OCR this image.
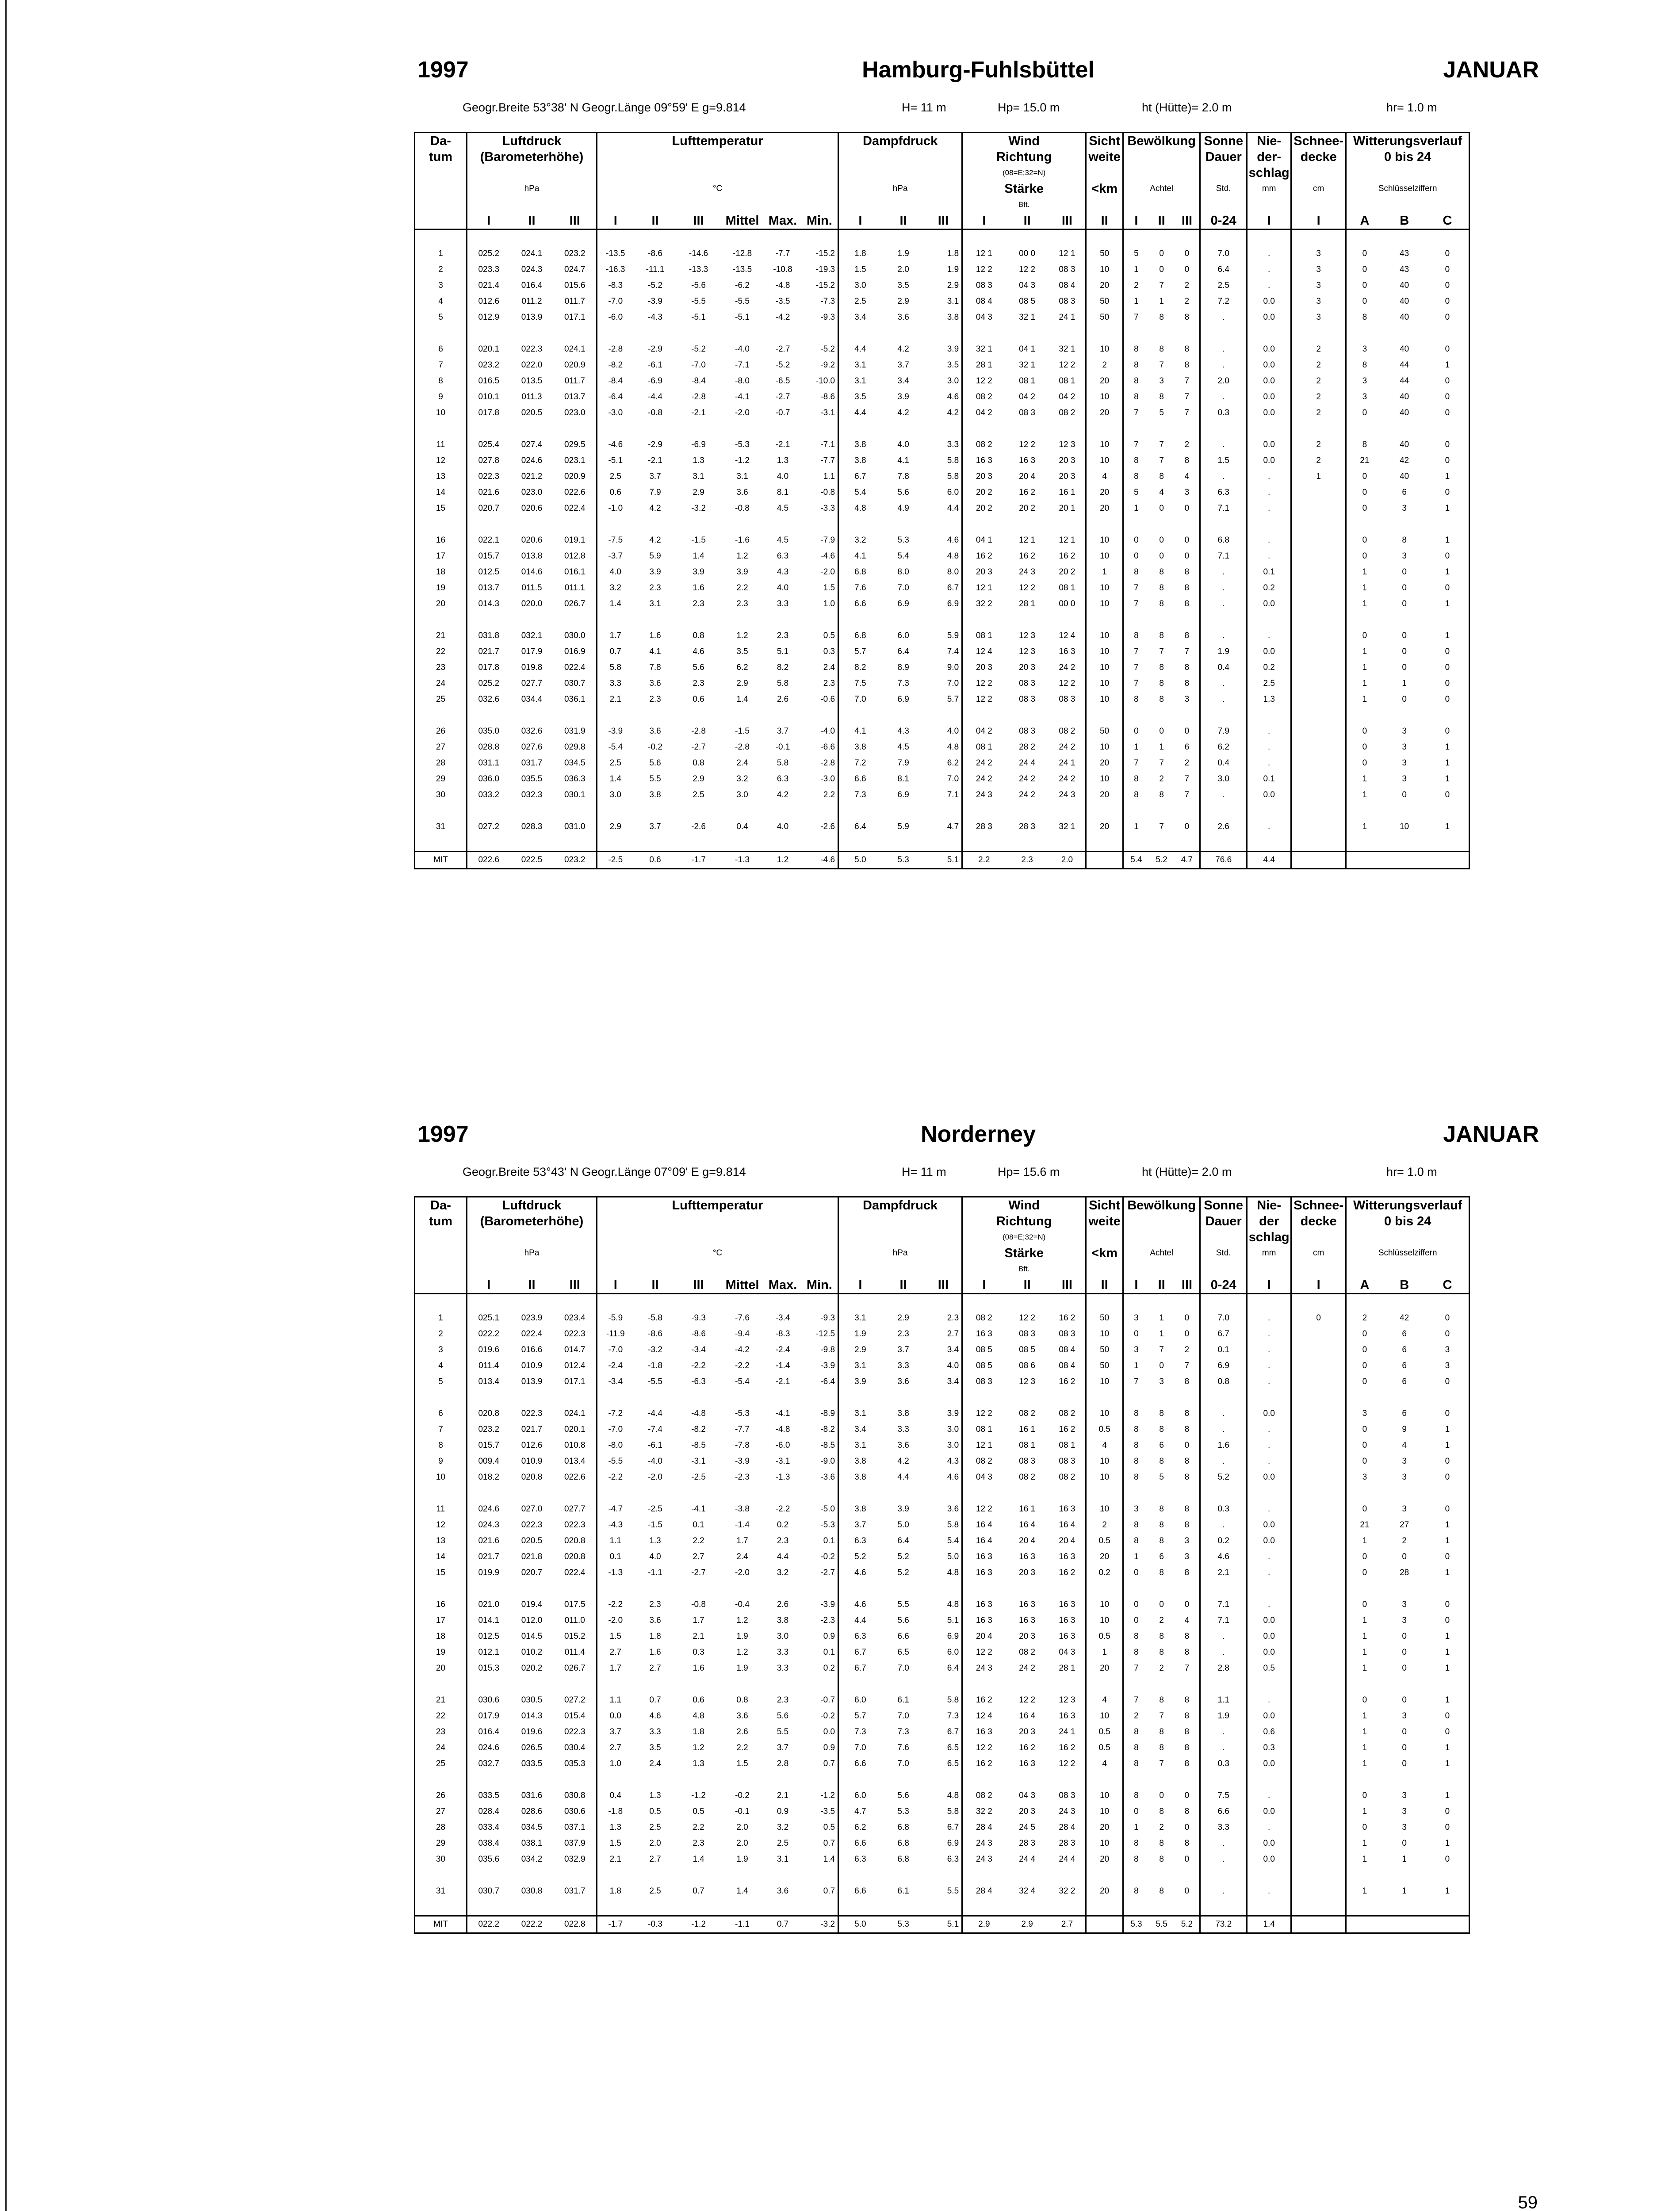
1997	Hamburg-Fuhlsbüttel	JANUAR
Geogr.Breite 53°38' N Geogr.Länge 09°59' E g=9.814	H= 11 m	Hp= 15.0 m	ht (Hütte)= 2.0 m	hr= 1.0 m
Da-	Luftdruck			Lufttemperatur						Dampfdruck			Wind			Sicht	Bewölkung			Sonne	Nie-	Schnee-	Witterungsverlauf		
tum	(Barometerhöhe)												Richtung			weite				Dauer	der-	decke	0 bis 24		
													(08=E;32=N)								schlag				
	hPa			°C						hPa			Stärke			<km	Achtel			Std.	mm	cm	Schlüsselziffern		
													Bft.												
	I	II	III	I	II	III	Mittel	Max.	Min.	I	II	III	I	II	III	II	I	II	III	0-24	I	I	A	B	C

1	025.2	024.1	023.2	-13.5	-8.6	-14.6	-12.8	-7.7	-15.2	1.8	1.9	1.8	12 1	00 0	12 1	50	5	0	0	7.0	.	3	0	43	0
2	023.3	024.3	024.7	-16.3	-11.1	-13.3	-13.5	-10.8	-19.3	1.5	2.0	1.9	12 2	12 2	08 3	10	1	0	0	6.4	.	3	0	43	0
3	021.4	016.4	015.6	-8.3	-5.2	-5.6	-6.2	-4.8	-15.2	3.0	3.5	2.9	08 3	04 3	08 4	20	2	7	2	2.5	.	3	0	40	0
4	012.6	011.2	011.7	-7.0	-3.9	-5.5	-5.5	-3.5	-7.3	2.5	2.9	3.1	08 4	08 5	08 3	50	1	1	2	7.2	0.0	3	0	40	0
5	012.9	013.9	017.1	-6.0	-4.3	-5.1	-5.1	-4.2	-9.3	3.4	3.6	3.8	04 3	32 1	24 1	50	7	8	8	.	0.0	3	8	40	0

6	020.1	022.3	024.1	-2.8	-2.9	-5.2	-4.0	-2.7	-5.2	4.4	4.2	3.9	32 1	04 1	32 1	10	8	8	8	.	0.0	2	3	40	0
7	023.2	022.0	020.9	-8.2	-6.1	-7.0	-7.1	-5.2	-9.2	3.1	3.7	3.5	28 1	32 1	12 2	2	8	7	8	.	0.0	2	8	44	1
8	016.5	013.5	011.7	-8.4	-6.9	-8.4	-8.0	-6.5	-10.0	3.1	3.4	3.0	12 2	08 1	08 1	20	8	3	7	2.0	0.0	2	3	44	0
9	010.1	011.3	013.7	-6.4	-4.4	-2.8	-4.1	-2.7	-8.6	3.5	3.9	4.6	08 2	04 2	04 2	10	8	8	7	.	0.0	2	3	40	0
10	017.8	020.5	023.0	-3.0	-0.8	-2.1	-2.0	-0.7	-3.1	4.4	4.2	4.2	04 2	08 3	08 2	20	7	5	7	0.3	0.0	2	0	40	0

11	025.4	027.4	029.5	-4.6	-2.9	-6.9	-5.3	-2.1	-7.1	3.8	4.0	3.3	08 2	12 2	12 3	10	7	7	2	.	0.0	2	8	40	0
12	027.8	024.6	023.1	-5.1	-2.1	1.3	-1.2	1.3	-7.7	3.8	4.1	5.8	16 3	16 3	20 3	10	8	7	8	1.5	0.0	2	21	42	0
13	022.3	021.2	020.9	2.5	3.7	3.1	3.1	4.0	1.1	6.7	7.8	5.8	20 3	20 4	20 3	4	8	8	4	.	.	1	0	40	1
14	021.6	023.0	022.6	0.6	7.9	2.9	3.6	8.1	-0.8	5.4	5.6	6.0	20 2	16 2	16 1	20	5	4	3	6.3	.		0	6	0
15	020.7	020.6	022.4	-1.0	4.2	-3.2	-0.8	4.5	-3.3	4.8	4.9	4.4	20 2	20 2	20 1	20	1	0	0	7.1	.		0	3	1

16	022.1	020.6	019.1	-7.5	4.2	-1.5	-1.6	4.5	-7.9	3.2	5.3	4.6	04 1	12 1	12 1	10	0	0	0	6.8	.		0	8	1
17	015.7	013.8	012.8	-3.7	5.9	1.4	1.2	6.3	-4.6	4.1	5.4	4.8	16 2	16 2	16 2	10	0	0	0	7.1	.		0	3	0
18	012.5	014.6	016.1	4.0	3.9	3.9	3.9	4.3	-2.0	6.8	8.0	8.0	20 3	24 3	20 2	1	8	8	8	.	0.1		1	0	1
19	013.7	011.5	011.1	3.2	2.3	1.6	2.2	4.0	1.5	7.6	7.0	6.7	12 1	12 2	08 1	10	7	8	8	.	0.2		1	0	0
20	014.3	020.0	026.7	1.4	3.1	2.3	2.3	3.3	1.0	6.6	6.9	6.9	32 2	28 1	00 0	10	7	8	8	.	0.0		1	0	1

21	031.8	032.1	030.0	1.7	1.6	0.8	1.2	2.3	0.5	6.8	6.0	5.9	08 1	12 3	12 4	10	8	8	8	.	.		0	0	1
22	021.7	017.9	016.9	0.7	4.1	4.6	3.5	5.1	0.3	5.7	6.4	7.4	12 4	12 3	16 3	10	7	7	7	1.9	0.0		1	0	0
23	017.8	019.8	022.4	5.8	7.8	5.6	6.2	8.2	2.4	8.2	8.9	9.0	20 3	20 3	24 2	10	7	8	8	0.4	0.2		1	0	0
24	025.2	027.7	030.7	3.3	3.6	2.3	2.9	5.8	2.3	7.5	7.3	7.0	12 2	08 3	12 2	10	7	8	8	.	2.5		1	1	0
25	032.6	034.4	036.1	2.1	2.3	0.6	1.4	2.6	-0.6	7.0	6.9	5.7	12 2	08 3	08 3	10	8	8	3	.	1.3		1	0	0

26	035.0	032.6	031.9	-3.9	3.6	-2.8	-1.5	3.7	-4.0	4.1	4.3	4.0	04 2	08 3	08 2	50	0	0	0	7.9	.		0	3	0
27	028.8	027.6	029.8	-5.4	-0.2	-2.7	-2.8	-0.1	-6.6	3.8	4.5	4.8	08 1	28 2	24 2	10	1	1	6	6.2	.		0	3	1
28	031.1	031.7	034.5	2.5	5.6	0.8	2.4	5.8	-2.8	7.2	7.9	6.2	24 2	24 4	24 1	20	7	7	2	0.4	.		0	3	1
29	036.0	035.5	036.3	1.4	5.5	2.9	3.2	6.3	-3.0	6.6	8.1	7.0	24 2	24 2	24 2	10	8	2	7	3.0	0.1		1	3	1
30	033.2	032.3	030.1	3.0	3.8	2.5	3.0	4.2	2.2	7.3	6.9	7.1	24 3	24 2	24 3	20	8	8	7	.	0.0		1	0	0

31	027.2	028.3	031.0	2.9	3.7	-2.6	0.4	4.0	-2.6	6.4	5.9	4.7	28 3	28 3	32 1	20	1	7	0	2.6	.		1	10	1

MIT	022.6	022.5	023.2	-2.5	0.6	-1.7	-1.3	1.2	-4.6	5.0	5.3	5.1	2.2	2.3	2.0		5.4	5.2	4.7	76.6	4.4				
1997	Norderney	JANUAR
Geogr.Breite 53°43' N Geogr.Länge 07°09' E g=9.814	H= 11 m	Hp= 15.6 m	ht (Hütte)= 2.0 m	hr= 1.0 m
Da-	Luftdruck			Lufttemperatur						Dampfdruck			Wind			Sicht	Bewölkung			Sonne	Nie-	Schnee-	Witterungsverlauf		
tum	(Barometerhöhe)												Richtung			weite				Dauer	der	decke	0 bis 24		
													(08=E;32=N)								schlag				
	hPa			°C						hPa			Stärke			<km	Achtel			Std.	mm	cm	Schlüsselziffern		
													Bft.												
	I	II	III	I	II	III	Mittel	Max.	Min.	I	II	III	I	II	III	II	I	II	III	0-24	I	I	A	B	C

1	025.1	023.9	023.4	-5.9	-5.8	-9.3	-7.6	-3.4	-9.3	3.1	2.9	2.3	08 2	12 2	16 2	50	3	1	0	7.0	.	0	2	42	0
2	022.2	022.4	022.3	-11.9	-8.6	-8.6	-9.4	-8.3	-12.5	1.9	2.3	2.7	16 3	08 3	08 3	10	0	1	0	6.7	.		0	6	0
3	019.6	016.6	014.7	-7.0	-3.2	-3.4	-4.2	-2.4	-9.8	2.9	3.7	3.4	08 5	08 5	08 4	50	3	7	2	0.1	.		0	6	3
4	011.4	010.9	012.4	-2.4	-1.8	-2.2	-2.2	-1.4	-3.9	3.1	3.3	4.0	08 5	08 6	08 4	50	1	0	7	6.9	.		0	6	3
5	013.4	013.9	017.1	-3.4	-5.5	-6.3	-5.4	-2.1	-6.4	3.9	3.6	3.4	08 3	12 3	16 2	10	7	3	8	0.8	.		0	6	0

6	020.8	022.3	024.1	-7.2	-4.4	-4.8	-5.3	-4.1	-8.9	3.1	3.8	3.9	12 2	08 2	08 2	10	8	8	8	.	0.0		3	6	0
7	023.2	021.7	020.1	-7.0	-7.4	-8.2	-7.7	-4.8	-8.2	3.4	3.3	3.0	08 1	16 1	16 2	0.5	8	8	8	.	.		0	9	1
8	015.7	012.6	010.8	-8.0	-6.1	-8.5	-7.8	-6.0	-8.5	3.1	3.6	3.0	12 1	08 1	08 1	4	8	6	0	1.6	.		0	4	1
9	009.4	010.9	013.4	-5.5	-4.0	-3.1	-3.9	-3.1	-9.0	3.8	4.2	4.3	08 2	08 3	08 3	10	8	8	8	.	.		0	3	0
10	018.2	020.8	022.6	-2.2	-2.0	-2.5	-2.3	-1.3	-3.6	3.8	4.4	4.6	04 3	08 2	08 2	10	8	5	8	5.2	0.0		3	3	0

11	024.6	027.0	027.7	-4.7	-2.5	-4.1	-3.8	-2.2	-5.0	3.8	3.9	3.6	12 2	16 1	16 3	10	3	8	8	0.3	.		0	3	0
12	024.3	022.3	022.3	-4.3	-1.5	0.1	-1.4	0.2	-5.3	3.7	5.0	5.8	16 4	16 4	16 4	2	8	8	8	.	0.0		21	27	1
13	021.6	020.5	020.8	1.1	1.3	2.2	1.7	2.3	0.1	6.3	6.4	5.4	16 4	20 4	20 4	0.5	8	8	3	0.2	0.0		1	2	1
14	021.7	021.8	020.8	0.1	4.0	2.7	2.4	4.4	-0.2	5.2	5.2	5.0	16 3	16 3	16 3	20	1	6	3	4.6	.		0	0	0
15	019.9	020.7	022.4	-1.3	-1.1	-2.7	-2.0	3.2	-2.7	4.6	5.2	4.8	16 3	20 3	16 2	0.2	0	8	8	2.1	.		0	28	1

16	021.0	019.4	017.5	-2.2	2.3	-0.8	-0.4	2.6	-3.9	4.6	5.5	4.8	16 3	16 3	16 3	10	0	0	0	7.1	.		0	3	0
17	014.1	012.0	011.0	-2.0	3.6	1.7	1.2	3.8	-2.3	4.4	5.6	5.1	16 3	16 3	16 3	10	0	2	4	7.1	0.0		1	3	0
18	012.5	014.5	015.2	1.5	1.8	2.1	1.9	3.0	0.9	6.3	6.6	6.9	20 4	20 3	16 3	0.5	8	8	8	.	0.0		1	0	1
19	012.1	010.2	011.4	2.7	1.6	0.3	1.2	3.3	0.1	6.7	6.5	6.0	12 2	08 2	04 3	1	8	8	8	.	0.0		1	0	1
20	015.3	020.2	026.7	1.7	2.7	1.6	1.9	3.3	0.2	6.7	7.0	6.4	24 3	24 2	28 1	20	7	2	7	2.8	0.5		1	0	1

21	030.6	030.5	027.2	1.1	0.7	0.6	0.8	2.3	-0.7	6.0	6.1	5.8	16 2	12 2	12 3	4	7	8	8	1.1	.		0	0	1
22	017.9	014.3	015.4	0.0	4.6	4.8	3.6	5.6	-0.2	5.7	7.0	7.3	12 4	16 4	16 3	10	2	7	8	1.9	0.0		1	3	0
23	016.4	019.6	022.3	3.7	3.3	1.8	2.6	5.5	0.0	7.3	7.3	6.7	16 3	20 3	24 1	0.5	8	8	8	.	0.6		1	0	0
24	024.6	026.5	030.4	2.7	3.5	1.2	2.2	3.7	0.9	7.0	7.6	6.5	12 2	16 2	16 2	0.5	8	8	8	.	0.3		1	0	1
25	032.7	033.5	035.3	1.0	2.4	1.3	1.5	2.8	0.7	6.6	7.0	6.5	16 2	16 3	12 2	4	8	7	8	0.3	0.0		1	0	1

26	033.5	031.6	030.8	0.4	1.3	-1.2	-0.2	2.1	-1.2	6.0	5.6	4.8	08 2	04 3	08 3	10	8	0	0	7.5	.		0	3	1
27	028.4	028.6	030.6	-1.8	0.5	0.5	-0.1	0.9	-3.5	4.7	5.3	5.8	32 2	20 3	24 3	10	0	8	8	6.6	0.0		1	3	0
28	033.4	034.5	037.1	1.3	2.5	2.2	2.0	3.2	0.5	6.2	6.8	6.7	28 4	24 5	28 4	20	1	2	0	3.3	.		0	3	0
29	038.4	038.1	037.9	1.5	2.0	2.3	2.0	2.5	0.7	6.6	6.8	6.9	24 3	28 3	28 3	10	8	8	8	.	0.0		1	0	1
30	035.6	034.2	032.9	2.1	2.7	1.4	1.9	3.1	1.4	6.3	6.8	6.3	24 3	24 4	24 4	20	8	8	0	.	0.0		1	1	0

31	030.7	030.8	031.7	1.8	2.5	0.7	1.4	3.6	0.7	6.6	6.1	5.5	28 4	32 4	32 2	20	8	8	0	.	.		1	1	1

MIT	022.2	022.2	022.8	-1.7	-0.3	-1.2	-1.1	0.7	-3.2	5.0	5.3	5.1	2.9	2.9	2.7		5.3	5.5	5.2	73.2	1.4				
59
